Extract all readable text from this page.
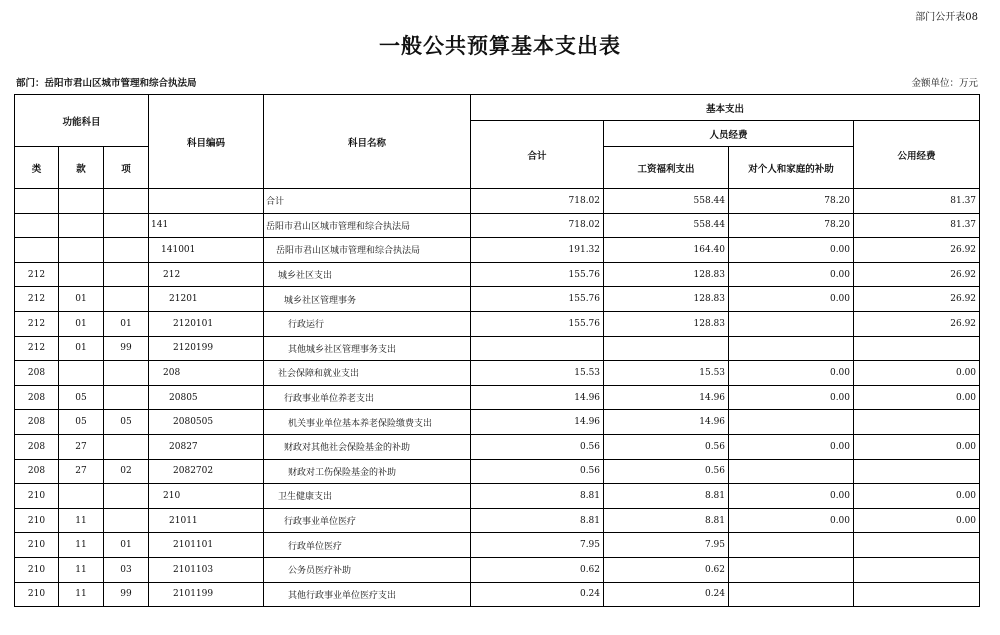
部门公开表08
一般公共预算基本支出表
部门：岳阳市君山区城市管理和综合执法局	金额单位：万元
功能科目			科目编码	科目名称	基本支出			
					合计	人员经费		公用经费
类	款	项				工资福利支出	对个人和家庭的补助	
				合计	718.02	558.44	78.20	81.37
			141	岳阳市君山区城市管理和综合执法局	718.02	558.44	78.20	81.37
			141001	岳阳市君山区城市管理和综合执法局	191.32	164.40	0.00	26.92
212			212	城乡社区支出	155.76	128.83	0.00	26.92
212	01		21201	城乡社区管理事务	155.76	128.83	0.00	26.92
212	01	01	2120101	行政运行	155.76	128.83		26.92
212	01	99	2120199	其他城乡社区管理事务支出				
208			208	社会保障和就业支出	15.53	15.53	0.00	0.00
208	05		20805	行政事业单位养老支出	14.96	14.96	0.00	0.00
208	05	05	2080505	机关事业单位基本养老保险缴费支出	14.96	14.96		
208	27		20827	财政对其他社会保险基金的补助	0.56	0.56	0.00	0.00
208	27	02	2082702	财政对工伤保险基金的补助	0.56	0.56		
210			210	卫生健康支出	8.81	8.81	0.00	0.00
210	11		21011	行政事业单位医疗	8.81	8.81	0.00	0.00
210	11	01	2101101	行政单位医疗	7.95	7.95		
210	11	03	2101103	公务员医疗补助	0.62	0.62		
210	11	99	2101199	其他行政事业单位医疗支出	0.24	0.24		
